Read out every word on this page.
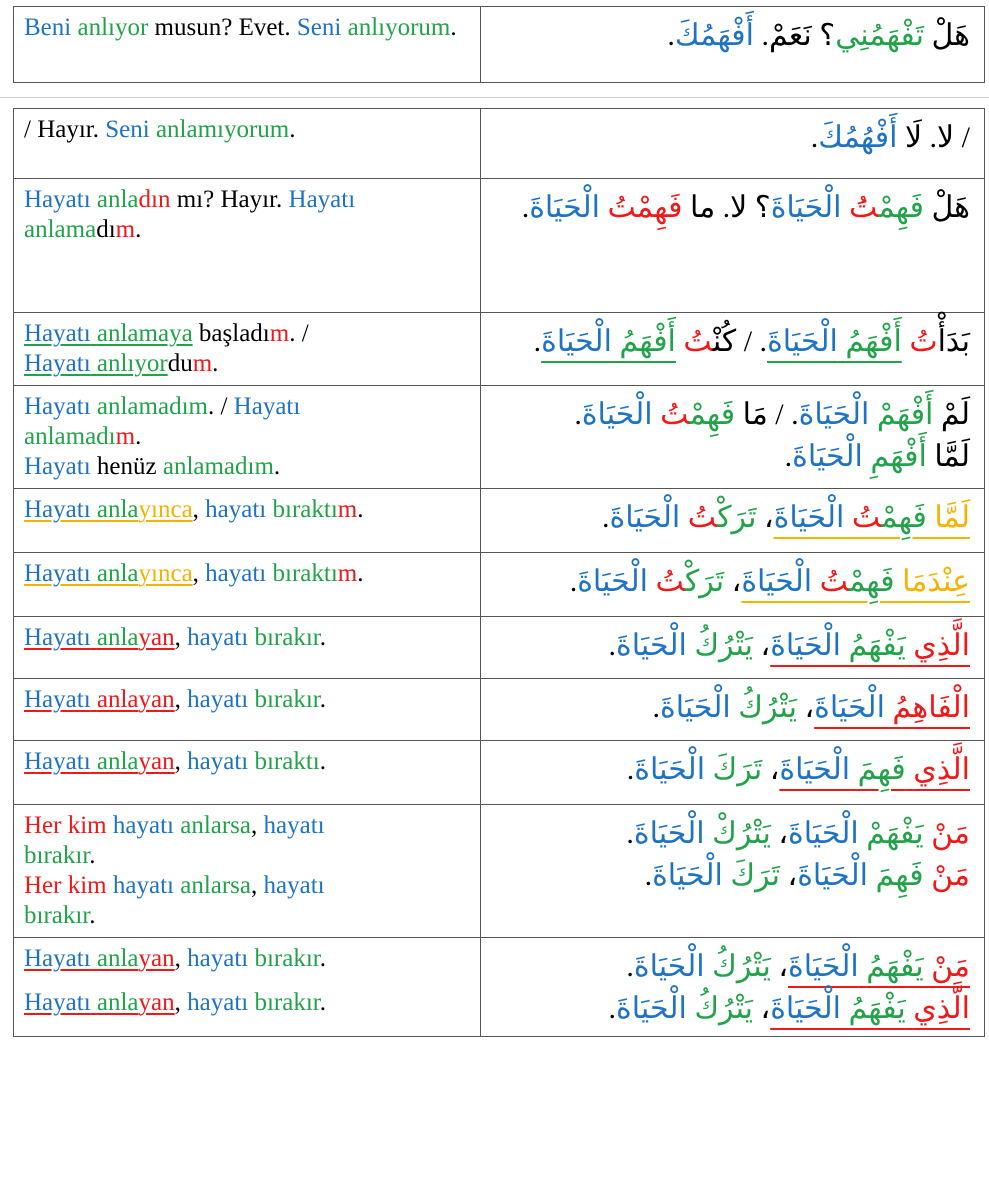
Beni anlıyor musun? Evet. Seni anlıyorum.	هَلْ تَفْهَمُنِي؟ نَعَمْ. أَفْهَمُكَ.
/ Hayır. Seni anlamıyorum.	/ لا. لَا أَفْهُمُكَ.

Hayatı anladın mı? Hayır. Hayatı anlamadım.	هَلْ فَهِمْتَُ الْحَيَاةَ؟ لا. ما فَهِمْتُ الْحَيَاةَ.

Hayatı anlamaya başladım. /
Hayatı anlıyordum.	بَدَأْتُ أَفْهَمُ الْحَيَاةَ. / كُنْتُ أَفْهَمُ الْحَيَاةَ.

Hayatı anlamadım. / Hayatı
anlamadım.
Hayatı henüz anlamadım.	لَمْ أَفْهَمْ الْحَيَاةَ. / مَا فَهِمْتُ الْحَيَاةَ.
لَمَّا أَفْهَمِ الْحَيَاةَ.

Hayatı anlayınca, hayatı bıraktım.	لَمَّا فَهِمْتُ الْحَيَاةَ، تَرَكْتُ الْحَيَاةَ.

Hayatı anlayınca, hayatı bıraktım.	عِنْدَمَا فَهِمْتُ الْحَيَاةَ، تَرَكْتُ الْحَيَاةَ.

Hayatı anlayan, hayatı bırakır.	الَّذِي يَفْهَمُ الْحَيَاةَ، يَتْرُكُ الْحَيَاةَ.

Hayatı anlayan, hayatı bırakır.	الْفَاهِمُ الْحَيَاةَ، يَتْرُكُ الْحَيَاةَ.

Hayatı anlayan, hayatı bıraktı.	الَّذِي فَهِمَ الْحَيَاةَ، تَرَكَ الْحَيَاةَ.

Her kim hayatı anlarsa, hayatı
bırakır.
Her kim hayatı anlarsa, hayatı
bırakır.	مَنْ يَفْهَمْ الْحَيَاةَ، يَتْرُكْ الْحَيَاةَ.
مَنْ فَهِمَ الْحَيَاةَ، تَرَكَ الْحَيَاةَ.

Hayatı anlayan, hayatı bırakır.
Hayatı anlayan, hayatı bırakır.	مَنْ يَفْهَمُ الْحَيَاةَ، يَتْرُكُ الْحَيَاةَ.
الَّذِي يَفْهَمُ الْحَيَاةَ، يَتْرُكُ الْحَيَاةَ.
